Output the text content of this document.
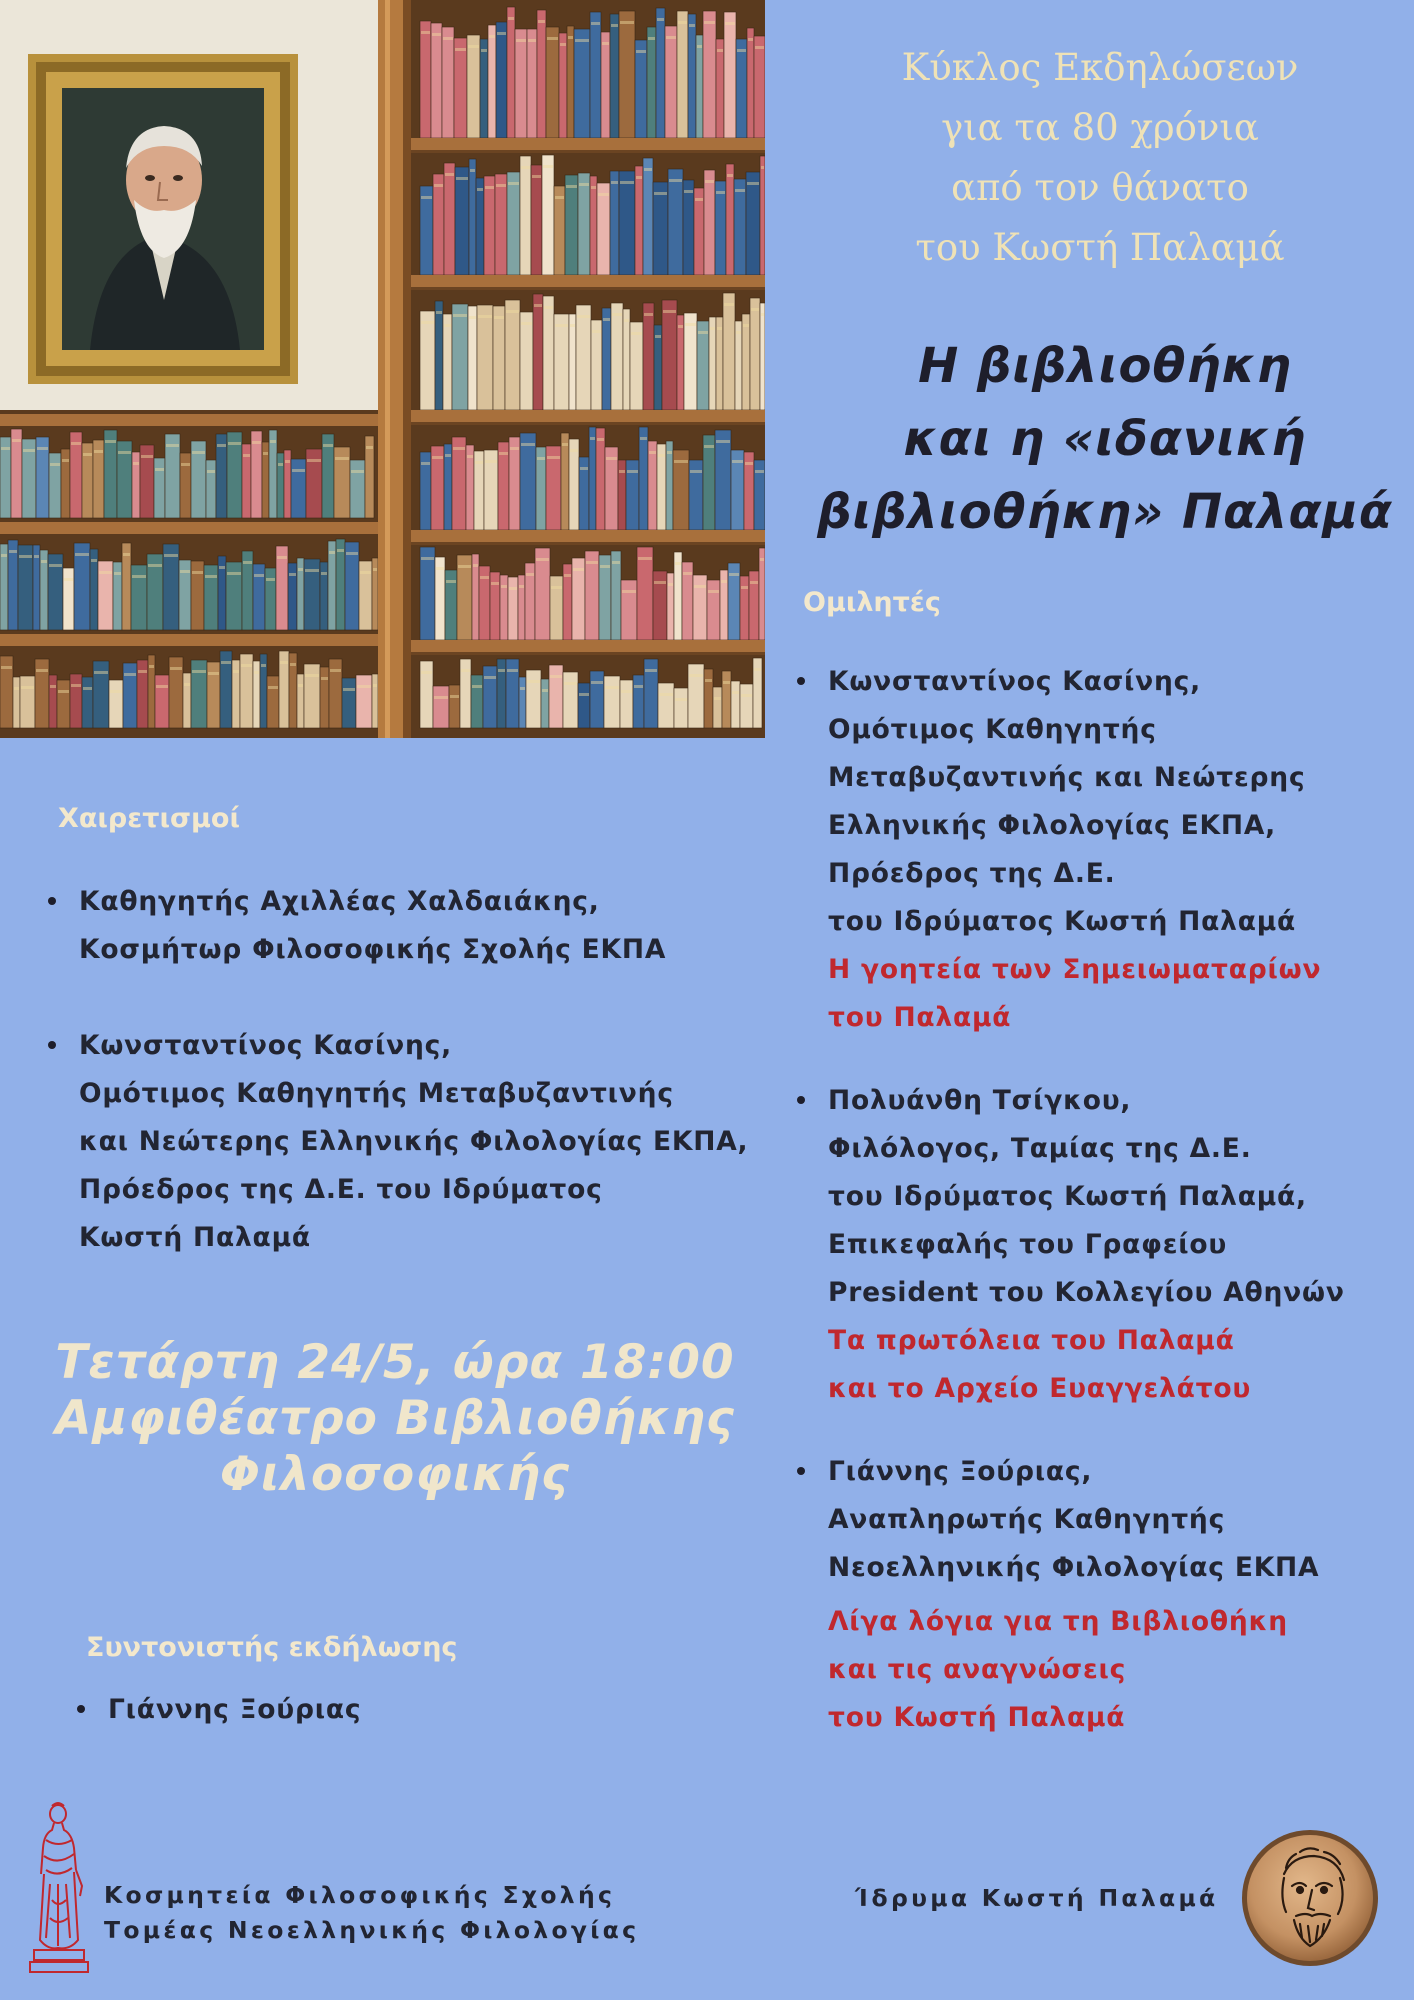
Κύκλος Εκδηλώσεων
για τα 80 χρόνια
από τον θάνατο
του Κωστή Παλαμά
Η βιβλιοθήκη
και η «ιδανική
βιβλιοθήκη» Παλαμά
Ομιλητές
Κωνσταντίνος Κασίνης,
Ομότιμος Καθηγητής
Μεταβυζαντινής και Νεώτερης
Ελληνικής Φιλολογίας ΕΚΠΑ,
Πρόεδρος της Δ.Ε.
του Ιδρύματος Κωστή Παλαμά
Η γοητεία των Σημειωματαρίων
του Παλαμά
Πολυάνθη Τσίγκου,
Φιλόλογος, Ταμίας της Δ.Ε.
του Ιδρύματος Κωστή Παλαμά,
Επικεφαλής του Γραφείου
President του Κολλεγίου Αθηνών
Τα πρωτόλεια του Παλαμά
και το Αρχείο Ευαγγελάτου
Γιάννης Ξούριας,
Αναπληρωτής Καθηγητής
Νεοελληνικής Φιλολογίας ΕΚΠΑ
Λίγα λόγια για τη Βιβλιοθήκη
και τις αναγνώσεις
του Κωστή Παλαμά
Χαιρετισμοί
Καθηγητής Αχιλλέας Χαλδαιάκης,
Κοσμήτωρ Φιλοσοφικής Σχολής ΕΚΠΑ
Κωνσταντίνος Κασίνης,
Ομότιμος Καθηγητής Μεταβυζαντινής
και Νεώτερης Ελληνικής Φιλολογίας ΕΚΠΑ,
Πρόεδρος της Δ.Ε. του Ιδρύματος
Κωστή Παλαμά
Τετάρτη 24/5, ώρα 18:00
Αμφιθέατρο Βιβλιοθήκης
Φιλοσοφικής
Συντονιστής εκδήλωσης
Γιάννης Ξούριας
Κοσμητεία Φιλοσοφικής Σχολής
Τομέας Νεοελληνικής Φιλολογίας
Ίδρυμα Κωστή Παλαμά
